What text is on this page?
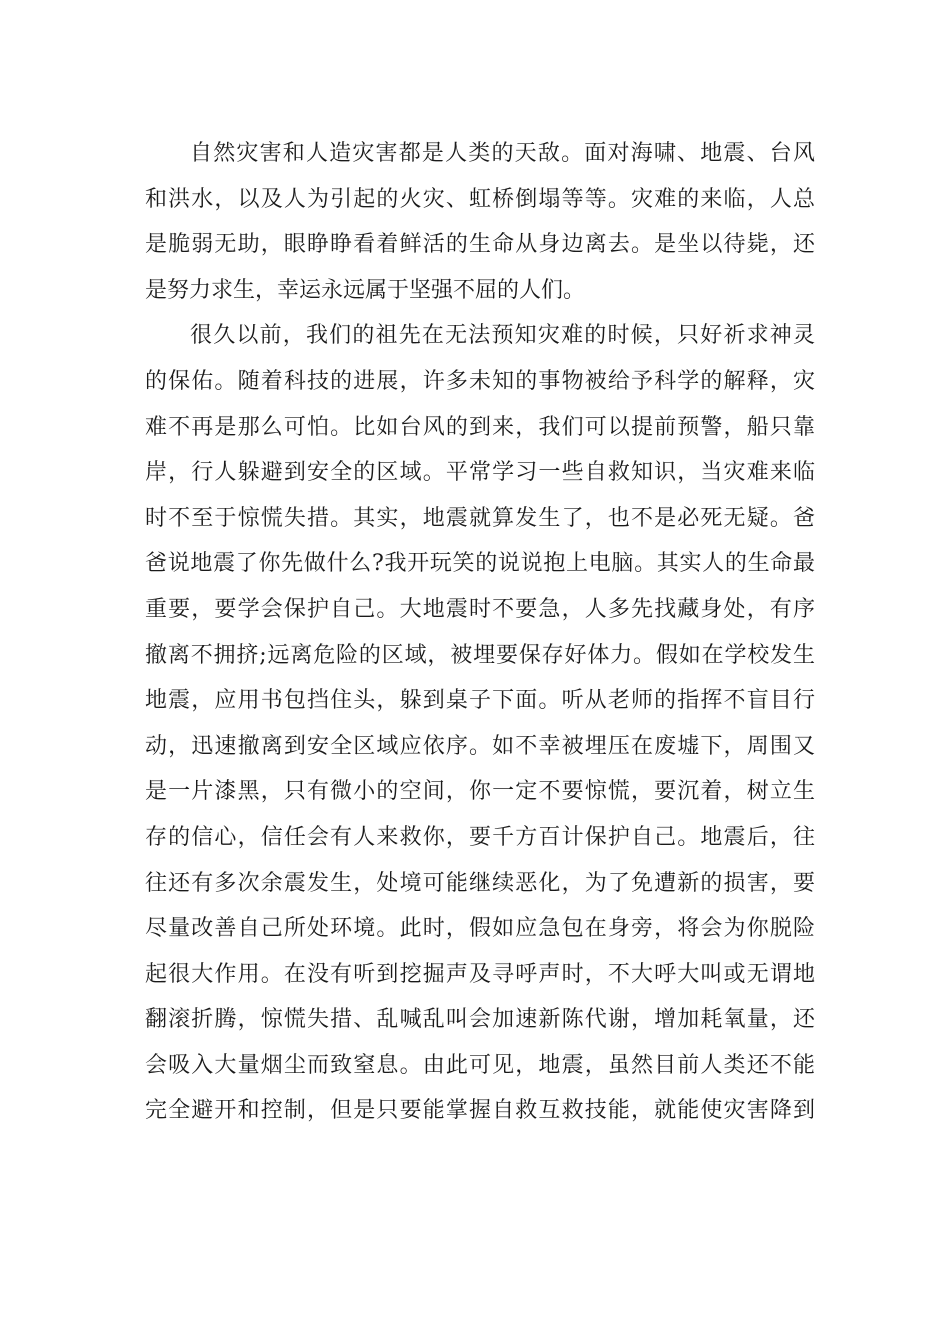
自然灾害和人造灾害都是人类的天敌。面对海啸、地震、台风
和洪水，以及人为引起的火灾、虹桥倒塌等等。灾难的来临，人总
是脆弱无助，眼睁睁看着鲜活的生命从身边离去。是坐以待毙，还
是努力求生，幸运永远属于坚强不屈的人们。
很久以前，我们的祖先在无法预知灾难的时候，只好祈求神灵
的保佑。随着科技的进展，许多未知的事物被给予科学的解释，灾
难不再是那么可怕。比如台风的到来，我们可以提前预警，船只靠
岸，行人躲避到安全的区域。平常学习一些自救知识，当灾难来临
时不至于惊慌失措。其实，地震就算发生了，也不是必死无疑。爸
爸说地震了你先做什么?我开玩笑的说说抱上电脑。其实人的生命最
重要，要学会保护自己。大地震时不要急，人多先找藏身处，有序
撤离不拥挤;远离危险的区域，被埋要保存好体力。假如在学校发生
地震，应用书包挡住头，躲到桌子下面。听从老师的指挥不盲目行
动，迅速撤离到安全区域应依序。如不幸被埋压在废墟下，周围又
是一片漆黑，只有微小的空间，你一定不要惊慌，要沉着，树立生
存的信心，信任会有人来救你，要千方百计保护自己。地震后，往
往还有多次余震发生，处境可能继续恶化，为了免遭新的损害，要
尽量改善自己所处环境。此时，假如应急包在身旁，将会为你脱险
起很大作用。在没有听到挖掘声及寻呼声时，不大呼大叫或无谓地
翻滚折腾，惊慌失措、乱喊乱叫会加速新陈代谢，增加耗氧量，还
会吸入大量烟尘而致窒息。由此可见，地震，虽然目前人类还不能
完全避开和控制，但是只要能掌握自救互救技能，就能使灾害降到
